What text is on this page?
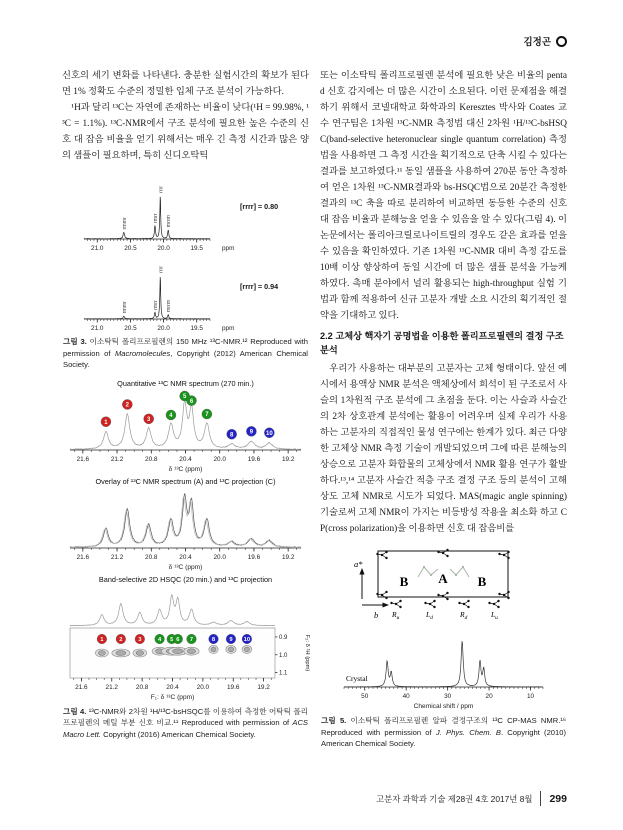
김정곤

신호의 세기 변화를 나타낸다. 충분한 실험시간의 확보가 된다면 1% 정확도 수준의 정밀한 입체 구조 분석이 가능하다.

¹H과 달리 ¹³C는 자연에 존재하는 비율이 낮다(¹H = 99.98%, ¹³C = 1.1%). ¹³C-NMR에서 구조 분석에 필요한 높은 수준의 신호 대 잡음 비율을 얻기 위해서는 매우 긴 측정 시간과 많은 양의 샘플이 필요하며, 특히 신디오탁틱

21.0	20.5	20.0	19.5	ppm
rmmr	rmrr
rrrr
mrrm
[rrrr] = 0.80
21.0	20.5	20.0	19.5	ppm
rmmr	rmrr
rrrr
mrrm
[rrrr] = 0.94

그림 3. 이소탁틱 폴리프로필렌의 150 MHz ¹³C-NMR.¹² Reproduced with permission of Macromolecules, Copyright (2012) American Chemical Society.

Quantitative ¹³C NMR spectrum (270 min.)

21.6	21.2	20.8	20.4	20.0	19.6	19.2
1
2
3
4
5
6
7
8	9 10
δ ¹³C (ppm)

Overlay of ¹³C NMR spectrum (A) and ¹³C projection (C)

21.6	21.2	20.8	20.4	20.0	19.6	19.2
δ ¹³C (ppm)

Band-selective 2D HSQC (20 min.) and ¹³C projection

1	2	3	4 5 6 7	8 9 10
21.6	21.2	20.8	20.4	20.0	19.6	19.2
F₁: δ ¹³C (ppm)
0.9
1.0
1.1
F₂: δ ¹H (ppm)

그림 4. ¹³C-NMR와 2차원 ¹H/¹³C-bsHSQC를 이용하여 측정한 어탁틱 폴리프로필렌의 메틸 부분 신호 비교.¹¹ Reproduced with permission of ACS Macro Lett. Copyright (2016) American Chemical Society.

또는 이소탁틱 폴리프로필렌 분석에 필요한 낮은 비율의 pentad 신호 감지에는 더 많은 시간이 소요된다. 이런 문제점을 해결하기 위해서 코넬대학교 화학과의 Keresztes 박사와 Coates 교수 연구팀은 1차원 ¹³C-NMR 측정법 대신 2차원 ¹H/¹³C-bsHSQC(band-selective heteronuclear single quantum correlation) 측정법을 사용하면 그 측정 시간을 획기적으로 단축 시킬 수 있다는 결과를 보고하였다.¹¹ 동일 샘플을 사용하여 270분 동안 측정하여 얻은 1차원 ¹³C-NMR결과와 bs-HSQC법으로 20분간 측정한 결과의 ¹³C 축을 따로 분리하여 비교하면 동등한 수준의 신호 대 잡음 비율과 분해능을 얻을 수 있음을 알 수 있다(그림 4). 이 논문에서는 폴리아크릴로나이트릴의 경우도 같은 효과를 얻을 수 있음을 확인하였다. 기존 1차원 ¹³C-NMR 대비 측정 감도를 10배 이상 향상하여 동일 시간에 더 많은 샘플 분석을 가능케 하였다. 촉매 분야에서 널리 활용되는 high-throughput 실험 기법과 함께 적용하여 신규 고분자 개발 소요 시간의 획기적인 절약을 기대하고 있다.

2.2 고체상 핵자기 공명법을 이용한 폴리프로필렌의 결정 구조 분석

우리가 사용하는 대부분의 고분자는 고체 형태이다. 앞선 예시에서 용액상 NMR 분석은 액체상에서 희석이 된 구조로서 사슬의 1차원적 구조 분석에 그 초점을 둔다. 이는 사슬과 사슬간의 2차 상호관계 분석에는 활용이 어려우며 실제 우리가 사용하는 고분자의 직접적인 물성 연구에는 한계가 있다. 최근 다양한 고체상 NMR 측정 기술이 개발되었으며 그에 따른 분해능의 상승으로 고분자 화합물의 고체상에서 NMR 활용 연구가 활발하다.¹³,¹⁴ 고분자 사슬간 적층 구조 결정 구조 등의 분석이 고해상도 고체 NMR로 시도가 되었다. MAS(magic angle spinning) 기술로써 고체 NMR이 가지는 비등방성 작용을 최소화 하고 CP(cross polarization)을 이용하면 신호 대 잡음비를

B A B
a*
b $R_u$	$L_d$	$R_d$	$L_u$
Crystal
50	40	30	20	10
Chemical shift / ppm

그림 5. 이소탁틱 폴리프로필렌 알파 결정구조의 ¹³C CP-MAS NMR.¹⁶ Reproduced with permission of J. Phys. Chem. B. Copyright (2010) American Chemical Society.

고분자 과학과 기술 제28권 4호 2017년 8월 299
